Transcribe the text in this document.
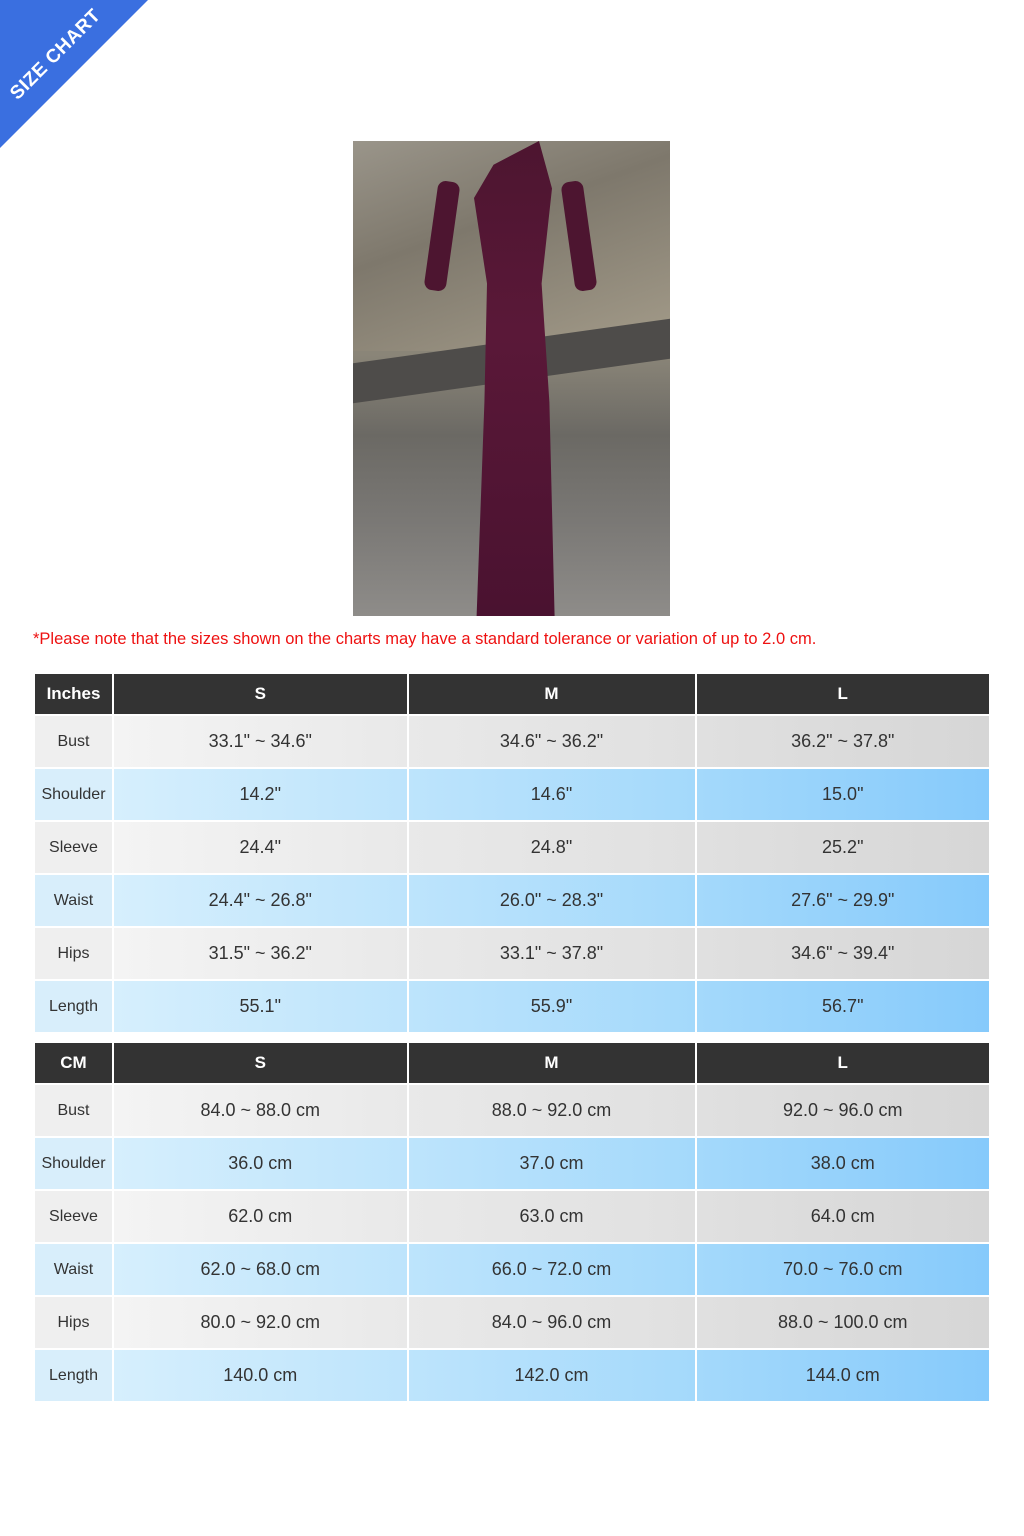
SIZE CHART
*Please note that the sizes shown on the charts may have a standard tolerance or variation of up to 2.0 cm.
Inches	S	M	L
Bust	33.1" ~ 34.6"	34.6" ~ 36.2"	36.2" ~ 37.8"
Shoulder	14.2"	14.6"	15.0"
Sleeve	24.4"	24.8"	25.2"
Waist	24.4" ~ 26.8"	26.0" ~ 28.3"	27.6" ~ 29.9"
Hips	31.5" ~ 36.2"	33.1" ~ 37.8"	34.6" ~ 39.4"
Length	55.1"	55.9"	56.7"
CM	S	M	L
Bust	84.0 ~ 88.0 cm	88.0 ~ 92.0 cm	92.0 ~ 96.0 cm
Shoulder	36.0 cm	37.0 cm	38.0 cm
Sleeve	62.0 cm	63.0 cm	64.0 cm
Waist	62.0 ~ 68.0 cm	66.0 ~ 72.0 cm	70.0 ~ 76.0 cm
Hips	80.0 ~ 92.0 cm	84.0 ~ 96.0 cm	88.0 ~ 100.0 cm
Length	140.0 cm	142.0 cm	144.0 cm
